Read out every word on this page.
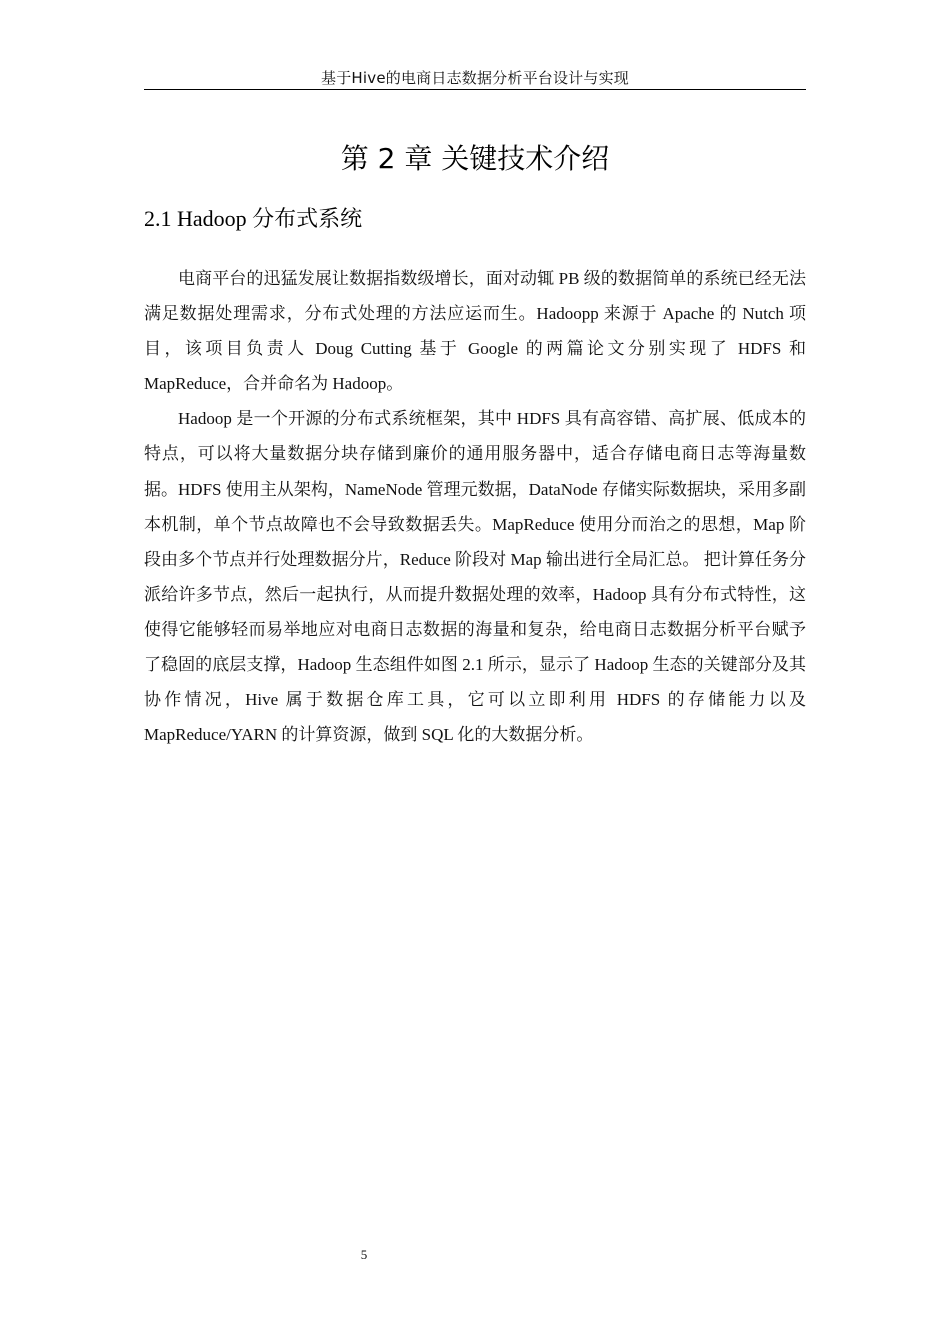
基于Hive的电商日志数据分析平台设计与实现
第 2 章 关键技术介绍
2.1 Hadoop 分布式系统

电商平台的迅猛发展让数据指数级增长，面对动辄 PB 级的数据简单的系统已经无法满足数据处理需求，分布式处理的方法应运而生。Hadoopp 来源于 Apache 的 Nutch 项目，该项目负责人 Doug Cutting 基于 Google 的两篇论文分别实现了 HDFS 和 MapReduce，合并命名为 Hadoop。

Hadoop 是一个开源的分布式系统框架，其中 HDFS 具有高容错、高扩展、低成本的特点，可以将大量数据分块存储到廉价的通用服务器中，适合存储电商日志等海量数据。HDFS 使用主从架构，NameNode 管理元数据，DataNode 存储实际数据块，采用多副本机制，单个节点故障也不会导致数据丢失。MapReduce 使用分而治之的思想，Map 阶段由多个节点并行处理数据分片，Reduce 阶段对 Map 输出进行全局汇总。 把计算任务分派给许多节点，然后一起执行，从而提升数据处理的效率，Hadoop 具有分布式特性，这使得它能够轻而易举地应对电商日志数据的海量和复杂，给电商日志数据分析平台赋予了稳固的底层支撑，Hadoop 生态组件如图 2.1 所示，显示了 Hadoop 生态的关键部分及其协作情况，Hive 属于数据仓库工具，它可以立即利用 HDFS 的存储能力以及 MapReduce/YARN 的计算资源，做到 SQL 化的大数据分析。

5
